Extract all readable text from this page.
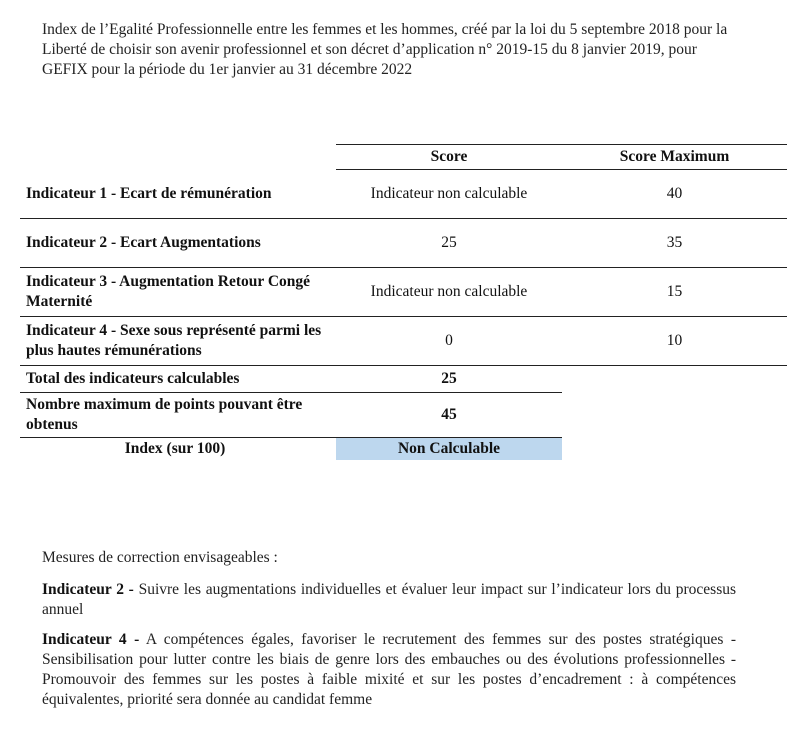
Index de l’Egalité Professionnelle entre les femmes et les hommes, créé par la loi du 5 septembre 2018 pour la Liberté de choisir son avenir professionnel et son décret d’application n° 2019-15 du 8 janvier 2019, pour GEFIX pour la période du 1er janvier au 31 décembre 2022
	Score	Score Maximum
Indicateur 1 - Ecart de rémunération	Indicateur non calculable	40
Indicateur 2 - Ecart Augmentations	25	35
Indicateur 3 - Augmentation Retour Congé Maternité	Indicateur non calculable	15
Indicateur 4 - Sexe sous représenté parmi les plus hautes rémunérations	0	10
Total des indicateurs calculables	25	
Nombre maximum de points pouvant être obtenus	45	
Index (sur 100)	Non Calculable	

Mesures de correction envisageables :

Indicateur 2 - Suivre les augmentations individuelles et évaluer leur impact sur l’indicateur lors du processus annuel

Indicateur 4 - A compétences égales, favoriser le recrutement des femmes sur des postes stratégiques - Sensibilisation pour lutter contre les biais de genre lors des embauches ou des évolutions professionnelles - Promouvoir des femmes sur les postes à faible mixité et sur les postes d’encadrement : à compétences équivalentes, priorité sera donnée au candidat femme
